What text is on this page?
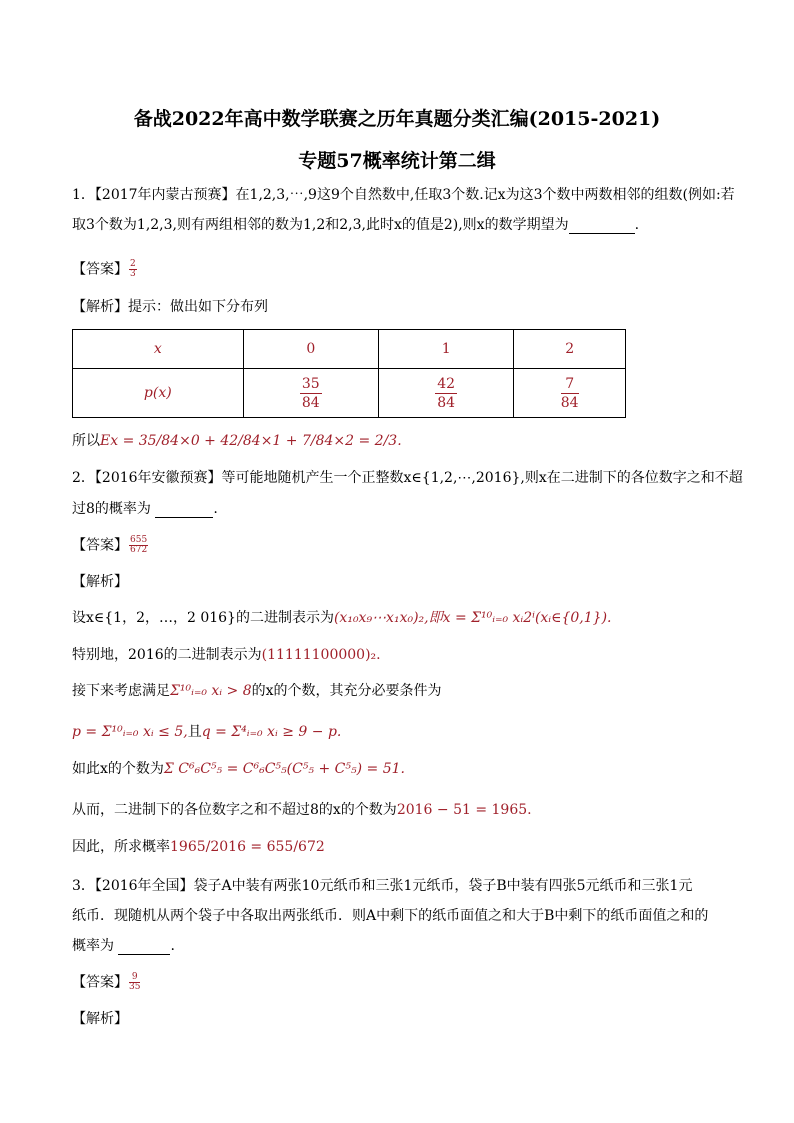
备战2022年高中数学联赛之历年真题分类汇编(2015-2021)
专题57概率统计第二缉
1．【2017年内蒙古预赛】在1,2,3,⋯,9这9个自然数中,任取3个数.记x为这3个数中两数相邻的组数(例如:若
取3个数为1,2,3,则有两组相邻的数为1,2和2,3,此时x的值是2),则x的数学期望为	.
【答案】 $\frac{2}{3}$
【解析】提示：做出如下分布列
x	0	1	2
p(x)	$\frac{35}{84}$	$\frac{42}{84}$	$\frac{7}{84}$
所以Ex = 35/84×0 + 42/84×1 + 7/84×2 = 2/3.
2．【2016年安徽预赛】等可能地随机产生一个正整数x∈{1,2,⋯,2016},则x在二进制下的各位数字之和不超
过8的概率为	.
【答案】 $\frac{655}{672}$
【解析】
设x∈{1，2，…，2 016}的二进制表示为(x₁₀x₉⋯x₁x₀)₂,即x = Σ¹⁰ᵢ₌₀ xᵢ2ⁱ(xᵢ∈{0,1}).
特别地，2016的二进制表示为(11111100000)₂.
接下来考虑满足Σ¹⁰ᵢ₌₀ xᵢ > 8的x的个数，其充分必要条件为
p = Σ¹⁰ᵢ₌₀ xᵢ ≤ 5,且q = Σ⁴ᵢ₌₀ xᵢ ≥ 9 − p.
如此x的个数为Σ C⁶₆C⁵₅ = C⁶₆C⁵₅(C⁵₅ + C⁵₅) = 51.
从而，二进制下的各位数字之和不超过8的x的个数为2016 − 51 = 1965.
因此，所求概率1965/2016 = 655/672
3．【2016年全国】袋子A中装有两张10元纸币和三张1元纸币，袋子B中装有四张5元纸币和三张1元
纸币．现随机从两个袋子中各取出两张纸币．则A中剩下的纸币面值之和大于B中剩下的纸币面值之和的
概率为	.
【答案】 $\frac{9}{35}$
【解析】
